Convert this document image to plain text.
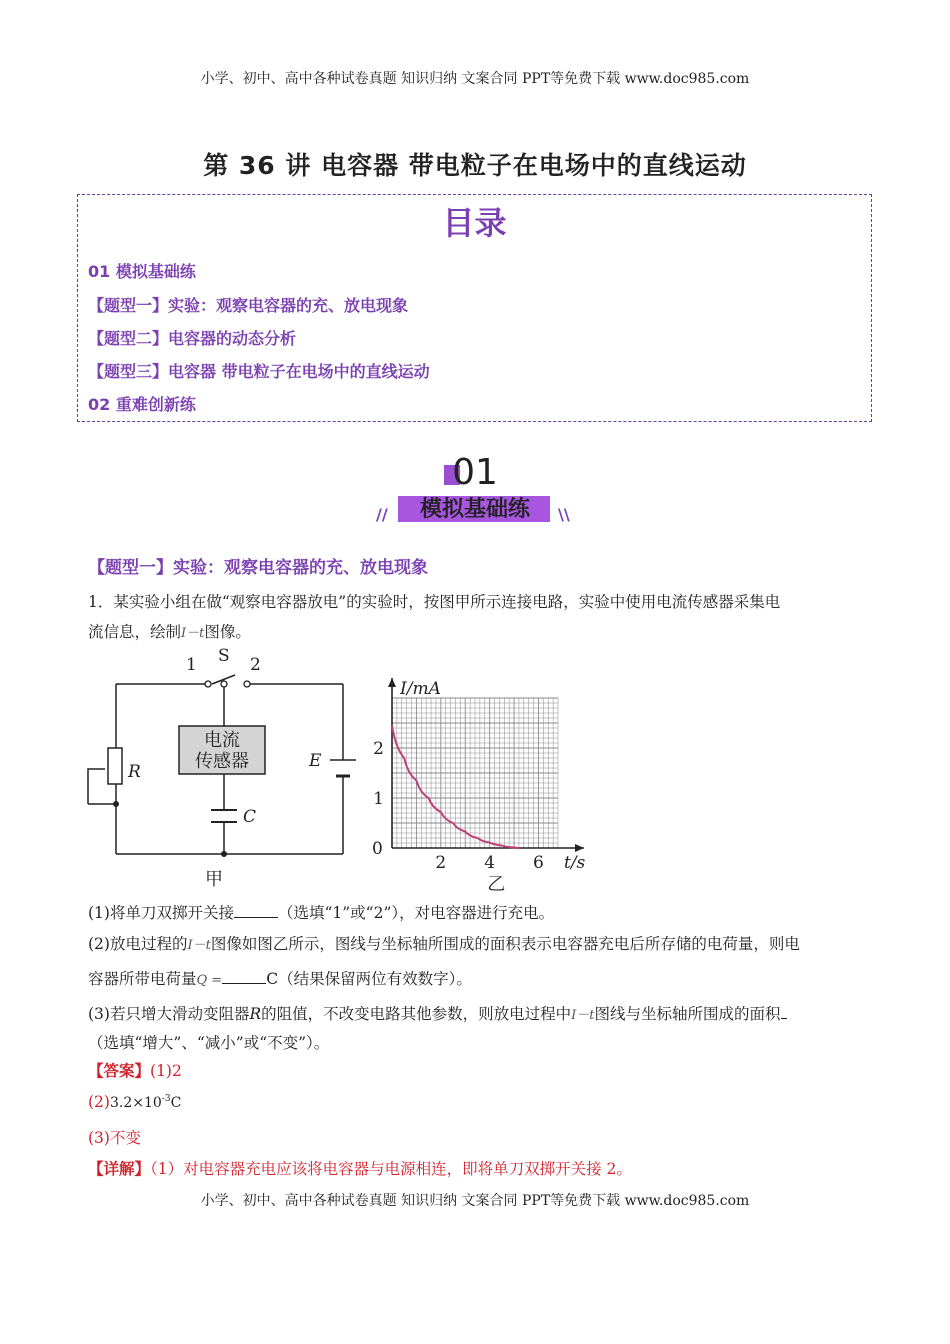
小学、初中、高中各种试卷真题 知识归纳 文案合同 PPT等免费下载 www.doc985.com
第 36 讲 电容器 带电粒子在电场中的直线运动
目录
01 模拟基础练
【题型一】实验：观察电容器的充、放电现象
【题型二】电容器的动态分析
【题型三】电容器 带电粒子在电场中的直线运动
02 重难创新练
01
模拟基础练
//	\\
【题型一】实验：观察电容器的充、放电现象
1．某实验小组在做“观察电容器放电”的实验时，按图甲所示连接电路，实验中使用电流传感器采集电
流信息，绘制I－t图像。
S
1	2
电流
传感器
R
C
E
甲
2 4 6
1
2
I/mA
t/s
0
乙
(1)将单刀双掷开关接	（选填“1”或“2”），对电容器进行充电。
(2)放电过程的I－t图像如图乙所示，图线与坐标轴所围成的面积表示电容器充电后所存储的电荷量，则电
容器所带电荷量Q =	C（结果保留两位有效数字）。
(3)若只增大滑动变阻器R的阻值，不改变电路其他参数，则放电过程中I－t图线与坐标轴所围成的面积
（选填“增大”、“减小”或“不变”）。
【答案】(1)2
$(2)3.2\times 10^{-3}C$
(3)不变
【详解】（1）对电容器充电应该将电容器与电源相连，即将单刀双掷开关接 2。
小学、初中、高中各种试卷真题 知识归纳 文案合同 PPT等免费下载 www.doc985.com
